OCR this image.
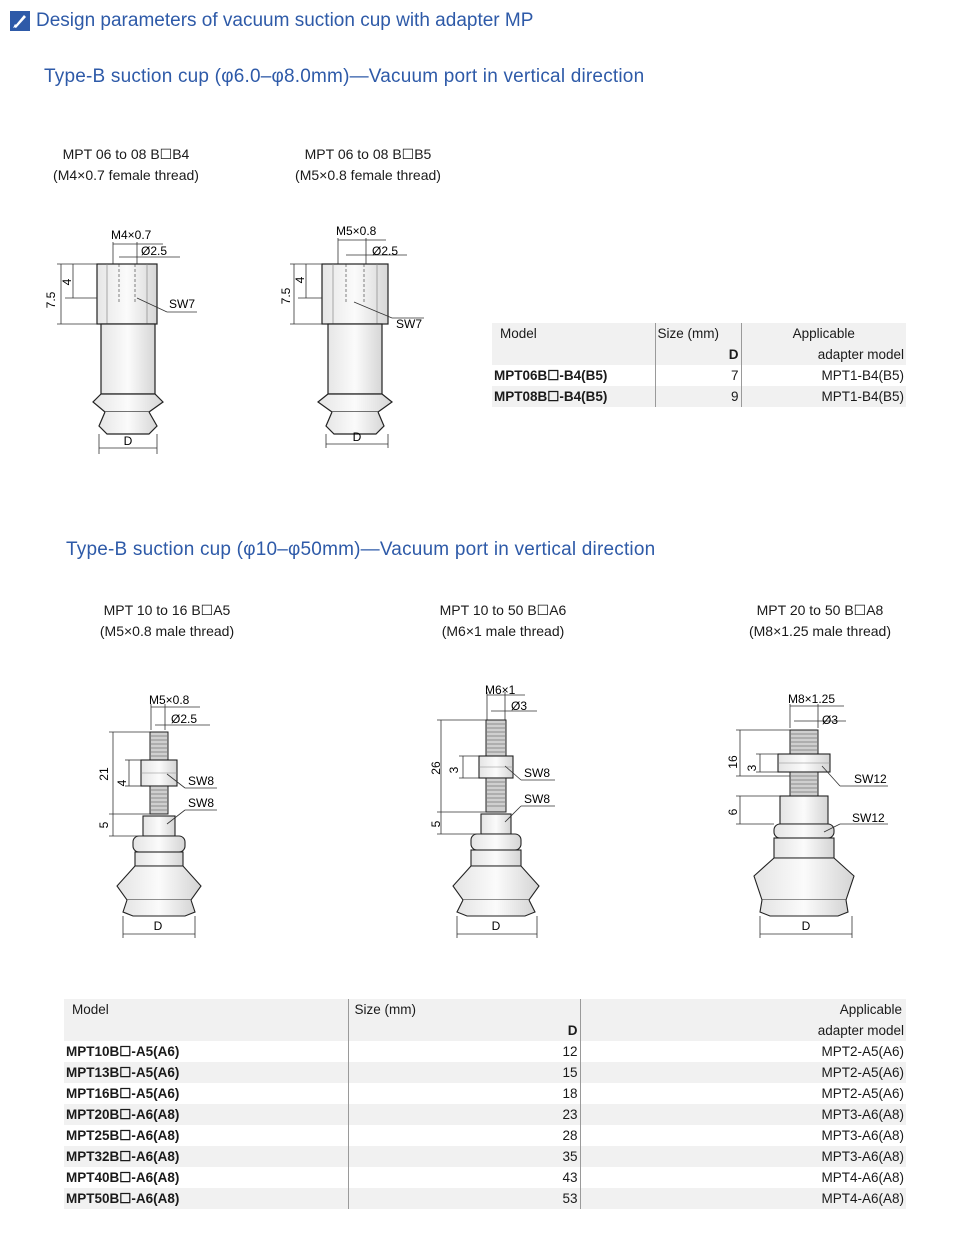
Design parameters of vacuum suction cup with adapter MP
Type-B suction cup (φ6.0–φ8.0mm)—Vacuum port in vertical direction
MPT 06 to 08 B☐B4
(M4×0.7 female thread)
MPT 06 to 08 B☐B5
(M5×0.8 female thread)
M4×0.7
Ø2.5
7.5
4
SW7
D
M5×0.8
Ø2.5
7.5
4
SW7
D
Model	Size (mm)	Applicable
	D	adapter model
MPT06B☐-B4(B5)	7	MPT1-B4(B5)
MPT08B☐-B4(B5)	9	MPT1-B4(B5)
Type-B suction cup (φ10–φ50mm)—Vacuum port in vertical direction
MPT 10 to 16 B☐A5
(M5×0.8 male thread)
MPT 10 to 50 B☐A6
(M6×1 male thread)
MPT 20 to 50 B☐A8
(M8×1.25 male thread)
M5×0.8
Ø2.5
21
4
5
SW8
SW8
D
M6×1
Ø3
26 3
5
SW8
SW8
D
M8×1.25
Ø3
16 3
6
SW12
SW12
D
Model	Size (mm)	Applicable
	D	adapter model
MPT10B☐-A5(A6)	12	MPT2-A5(A6)
MPT13B☐-A5(A6)	15	MPT2-A5(A6)
MPT16B☐-A5(A6)	18	MPT2-A5(A6)
MPT20B☐-A6(A8)	23	MPT3-A6(A8)
MPT25B☐-A6(A8)	28	MPT3-A6(A8)
MPT32B☐-A6(A8)	35	MPT3-A6(A8)
MPT40B☐-A6(A8)	43	MPT4-A6(A8)
MPT50B☐-A6(A8)	53	MPT4-A6(A8)
